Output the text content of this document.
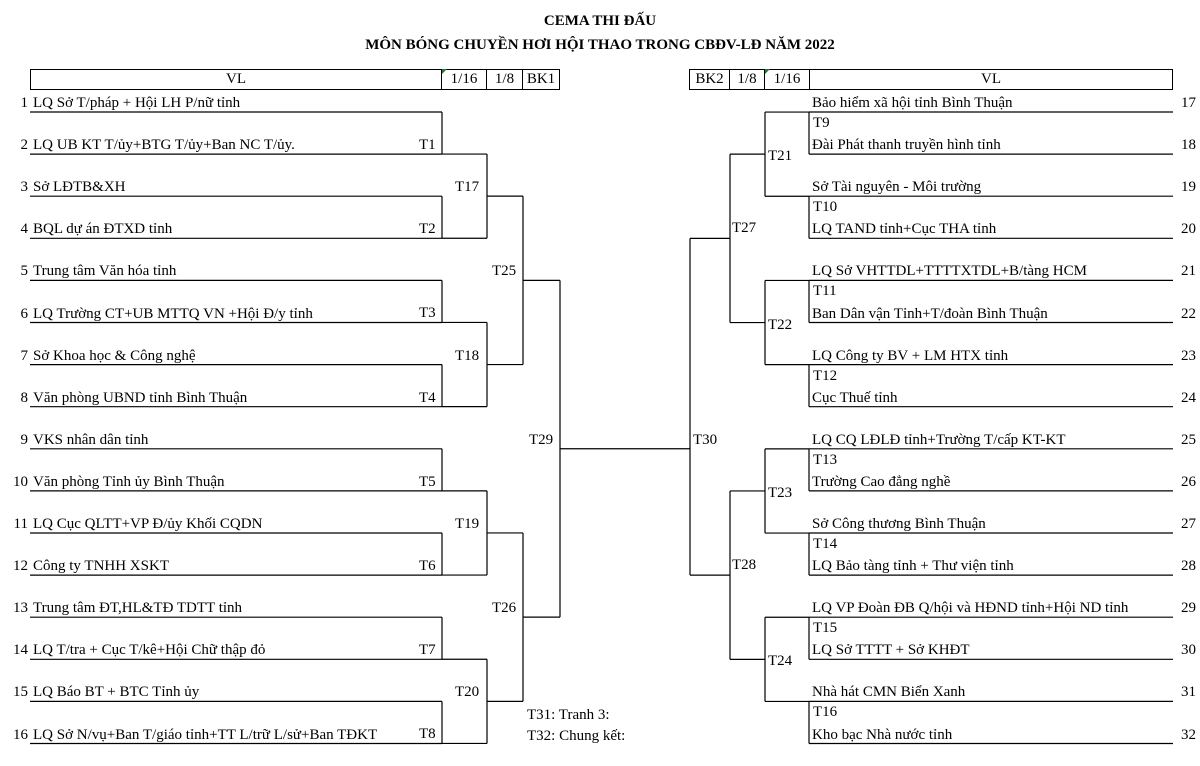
CEMA THI ĐẤU
MÔN BÓNG CHUYỀN HƠI HỘI THAO TRONG CBĐV-LĐ NĂM 2022
VL	1/16	1/8 BK1	BK2 1/8	1/16	VL
1 LQ Sở T/pháp + Hội LH P/nữ tỉnh
2 LQ UB KT T/ủy+BTG T/ủy+Ban NC T/ủy.
3 Sở LĐTB&XH
4 BQL dự án ĐTXD tỉnh
5 Trung tâm Văn hóa tỉnh
6 LQ Trường CT+UB MTTQ VN +Hội Đ/y tỉnh
7 Sở Khoa học & Công nghệ
8 Văn phòng UBND tỉnh Bình Thuận
9 VKS nhân dân tỉnh
10 Văn phòng Tỉnh ủy Bình Thuận
11 LQ Cục QLTT+VP Đ/ủy Khối CQDN
12 Công ty TNHH XSKT
13 Trung tâm ĐT,HL&TĐ TDTT tỉnh
14 LQ T/tra + Cục T/kê+Hội Chữ thập đỏ
15 LQ Báo BT + BTC Tỉnh ủy
16 LQ Sở N/vụ+Ban T/giáo tỉnh+TT L/trữ L/sử+Ban TĐKT
Bảo hiểm xã hội tỉnh Bình Thuận	17
Đài Phát thanh truyền hình tỉnh	18
Sở Tài nguyên - Môi trường	19
LQ TAND tỉnh+Cục THA tỉnh	20
LQ Sở VHTTDL+TTTTXTDL+B/tàng HCM	21
Ban Dân vận Tỉnh+T/đoàn Bình Thuận	22
LQ Công ty BV + LM HTX tỉnh	23
Cục Thuế tỉnh	24
LQ CQ LĐLĐ tỉnh+Trường T/cấp KT-KT	25
Trường Cao đẳng nghề	26
Sở Công thương Bình Thuận	27
LQ Bảo tàng tỉnh + Thư viện tỉnh	28
LQ VP Đoàn ĐB Q/hội và HĐND tỉnh+Hội ND tỉnh	29
LQ Sở TTTT + Sở KHĐT	30
Nhà hát CMN Biển Xanh	31
Kho bạc Nhà nước tỉnh	32
T1
T2
T3
T4
T5
T6
T7
T8
T17
T18
T19
T20
T25
T26
T29
T9
T10
T11
T12
T13
T14
T15
T16
T21
T22
T23
T24
T27
T28
T30
T31: Tranh 3:
T32: Chung kết:
